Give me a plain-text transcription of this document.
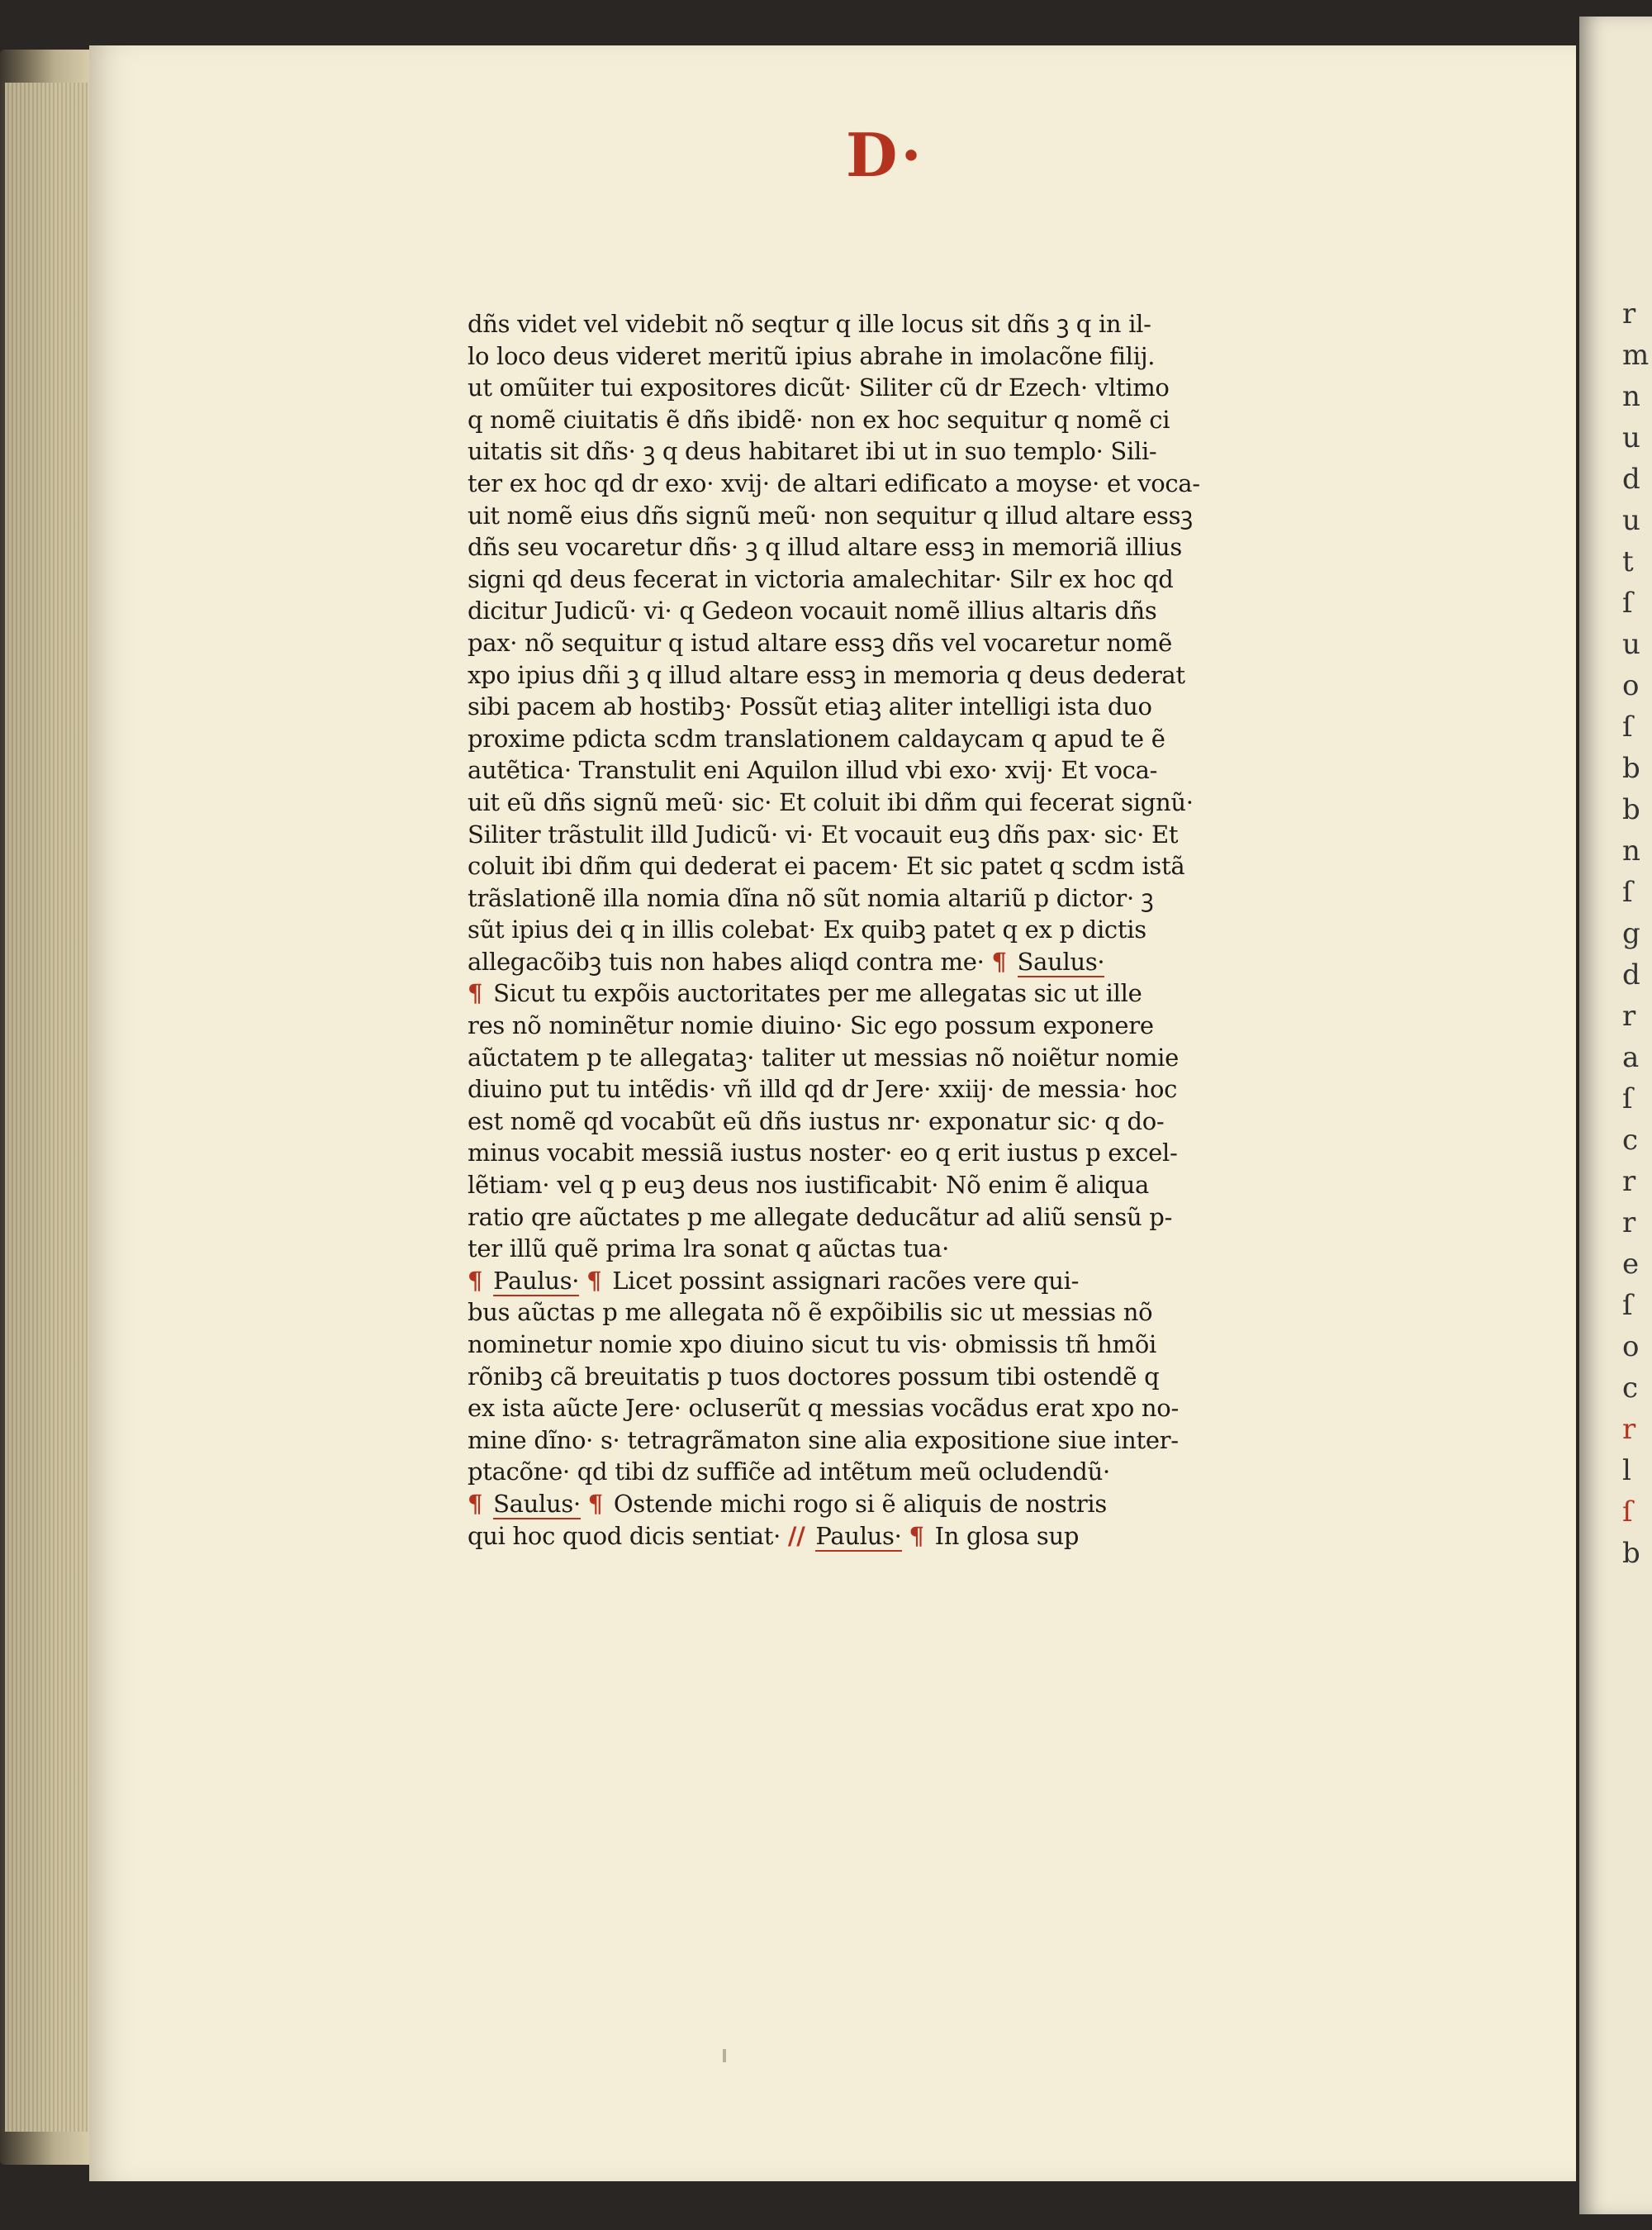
D·
r
m
n
u
d
u
t
ſ
u
o
ſ
b
b
n
ſ
g
d
r
a
ſ
c
r
r
e
ſ
o
c
r
l
ſ
b
dñs videt vel videbit nõ seqtur q ille locus sit dñs ꝫ q in il-
lo loco deus videret meritũ ipius abrahe in imolacõne filij.
ut omũiter tui expositores dicũt· Siliter cũ dr Ezech· vltimo
q nomẽ ciuitatis ẽ dñs ibidẽ· non ex hoc sequitur q nomẽ ci
uitatis sit dñs· ꝫ q deus habitaret ibi ut in suo templo· Sili-
ter ex hoc qd dr exo· xvij· de altari edificato a moyse· et voca-
uit nomẽ eius dñs signũ meũ· non sequitur q illud altare essꝫ
dñs seu vocaretur dñs· ꝫ q illud altare essꝫ in memoriã illius
signi qd deus fecerat in victoria amalechitar· Silr ex hoc qd
dicitur Judicũ· vi· q Gedeon vocauit nomẽ illius altaris dñs
pax· nõ sequitur q istud altare essꝫ dñs vel vocaretur nomẽ
xpo ipius dñi ꝫ q illud altare essꝫ in memoria q deus dederat
sibi pacem ab hostibꝫ· Possũt etiaꝫ aliter intelligi ista duo
proxime pdicta scdm translationem caldaycam q apud te ẽ
autẽtica· Transtulit eni Aquilon illud vbi exo· xvij· Et voca-
uit eũ dñs signũ meũ· sic· Et coluit ibi dñm qui fecerat signũ·
Siliter trãstulit illd Judicũ· vi· Et vocauit euꝫ dñs pax· sic· Et
coluit ibi dñm qui dederat ei pacem· Et sic patet q scdm istã
trãslationẽ illa nomia dĩna nõ sũt nomia altariũ p dictor· ꝫ
sũt ipius dei q in illis colebat· Ex quibꝫ patet q ex p dictis
allegacõibꝫ tuis non habes aliqd contra me· ¶ Saulus·
¶ Sicut tu expõis auctoritates per me allegatas sic ut ille
res nõ nominẽtur nomie diuino· Sic ego possum exponere
aũctatem p te allegataꝫ· taliter ut messias nõ noiẽtur nomie
diuino put tu intẽdis· vñ illd qd dr Jere· xxiij· de messia· hoc
est nomẽ qd vocabũt eũ dñs iustus nr· exponatur sic· q do-
minus vocabit messiã iustus noster· eo q erit iustus p excel-
lẽtiam· vel q p euꝫ deus nos iustificabit· Nõ enim ẽ aliqua
ratio qre aũctates p me allegate deducãtur ad aliũ sensũ p-
ter illũ quẽ prima lra sonat q aũctas tua·
¶ Paulus· ¶ Licet possint assignari racões vere qui-
bus aũctas p me allegata nõ ẽ expõibilis sic ut messias nõ
nominetur nomie xpo diuino sicut tu vis· obmissis tñ hmõi
rõnibꝫ cã breuitatis p tuos doctores possum tibi ostendẽ q
ex ista aũcte Jere· ocluserũt q messias vocãdus erat xpo no-
mine dĩno· s· tetragrãmaton sine alia expositione siue inter-
ptacõne· qd tibi dz suffic̃e ad intẽtum meũ ocludendũ·
¶ Saulus· ¶ Ostende michi rogo si ẽ aliquis de nostris
qui hoc quod dicis sentiat· // Paulus· ¶ In glosa sup
